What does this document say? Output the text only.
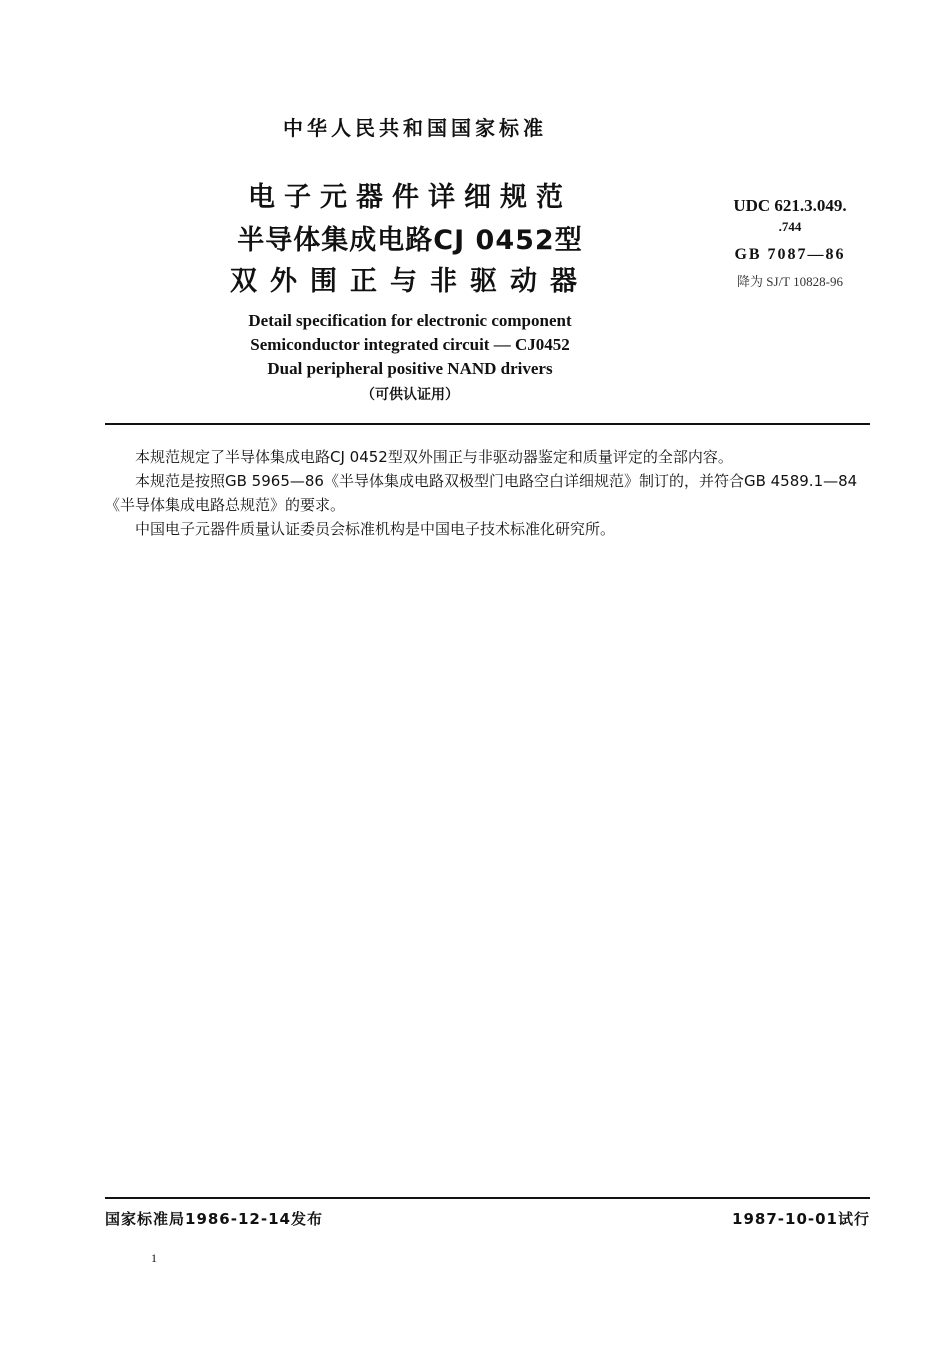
中华人民共和国国家标准
电子元器件详细规范
半导体集成电路CJ 0452型
双外围正与非驱动器
Detail specification for electronic component
Semiconductor integrated circuit — CJ0452
Dual peripheral positive NAND drivers
（可供认证用）
UDC 621.3.049.
.744
GB 7087—86
降为 SJ/T 10828-96

本规范规定了半导体集成电路CJ 0452型双外围正与非驱动器鉴定和质量评定的全部内容。

本规范是按照GB 5965—86《半导体集成电路双极型门电路空白详细规范》制订的，并符合GB 4589.1—84《半导体集成电路总规范》的要求。

中国电子元器件质量认证委员会标准机构是中国电子技术标准化研究所。

国家标准局1986-12-14发布	1987-10-01试行
1
